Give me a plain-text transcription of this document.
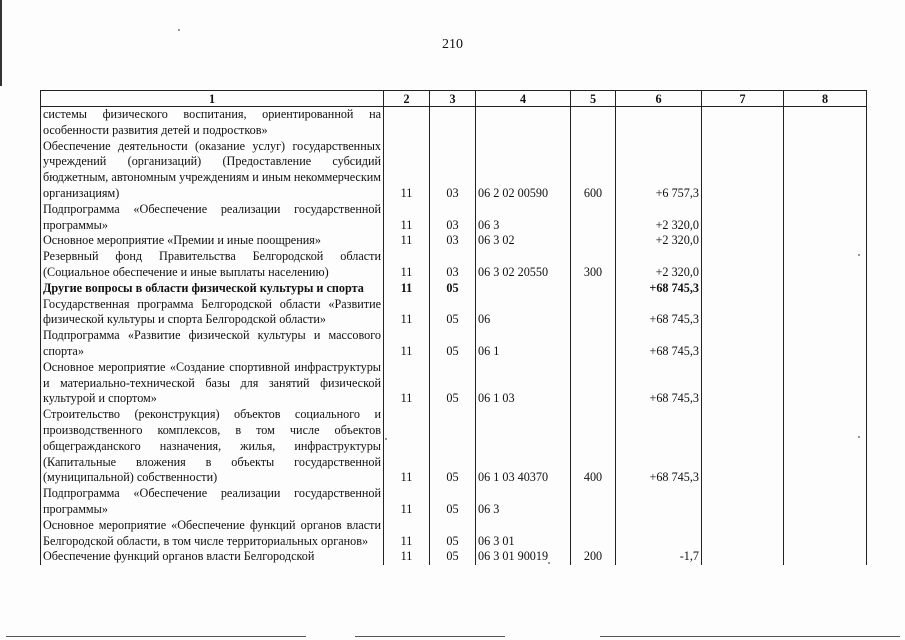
210
1	2	3	4	5	6	7	8
системы физического воспитания, ориентированной на особенности развития детей и подростков»							
Обеспечение деятельности (оказание услуг) государственных учреждений (организаций) (Предоставление субсидий бюджетным, автономным учреждениям и иным некоммерческим организациям)	11	03	06 2 02 00590	600	+6 757,3		
Подпрограмма «Обеспечение реализации государственной программы»	11	03	06 3		+2 320,0		
Основное мероприятие «Премии и иные поощрения»	11	03	06 3 02		+2 320,0		
Резервный фонд Правительства Белгородской области (Социальное обеспечение и иные выплаты населению)	11	03	06 3 02 20550	300	+2 320,0		
Другие вопросы в области физической культуры и спорта	11	05			+68 745,3		
Государственная программа Белгородской области «Развитие физической культуры и спорта Белгородской области»	11	05	06		+68 745,3		
Подпрограмма «Развитие физической культуры и массового спорта»	11	05	06 1		+68 745,3		
Основное мероприятие «Создание спортивной инфраструктуры и материально-технической базы для занятий физической культурой и спортом»	11	05	06 1 03		+68 745,3		
Строительство (реконструкция) объектов социального и производственного комплексов, в том числе объектов общегражданского назначения, жилья, инфраструктуры (Капитальные вложения в объекты государственной (муниципальной) собственности)	11	05	06 1 03 40370	400	+68 745,3		
Подпрограмма «Обеспечение реализации государственной программы»	11	05	06 3				
Основное мероприятие «Обеспечение функций органов власти Белгородской области, в том числе территориальных органов»	11	05	06 3 01				
Обеспечение функций органов власти Белгородской	11	05	06 3 01 90019	200	-1,7		
